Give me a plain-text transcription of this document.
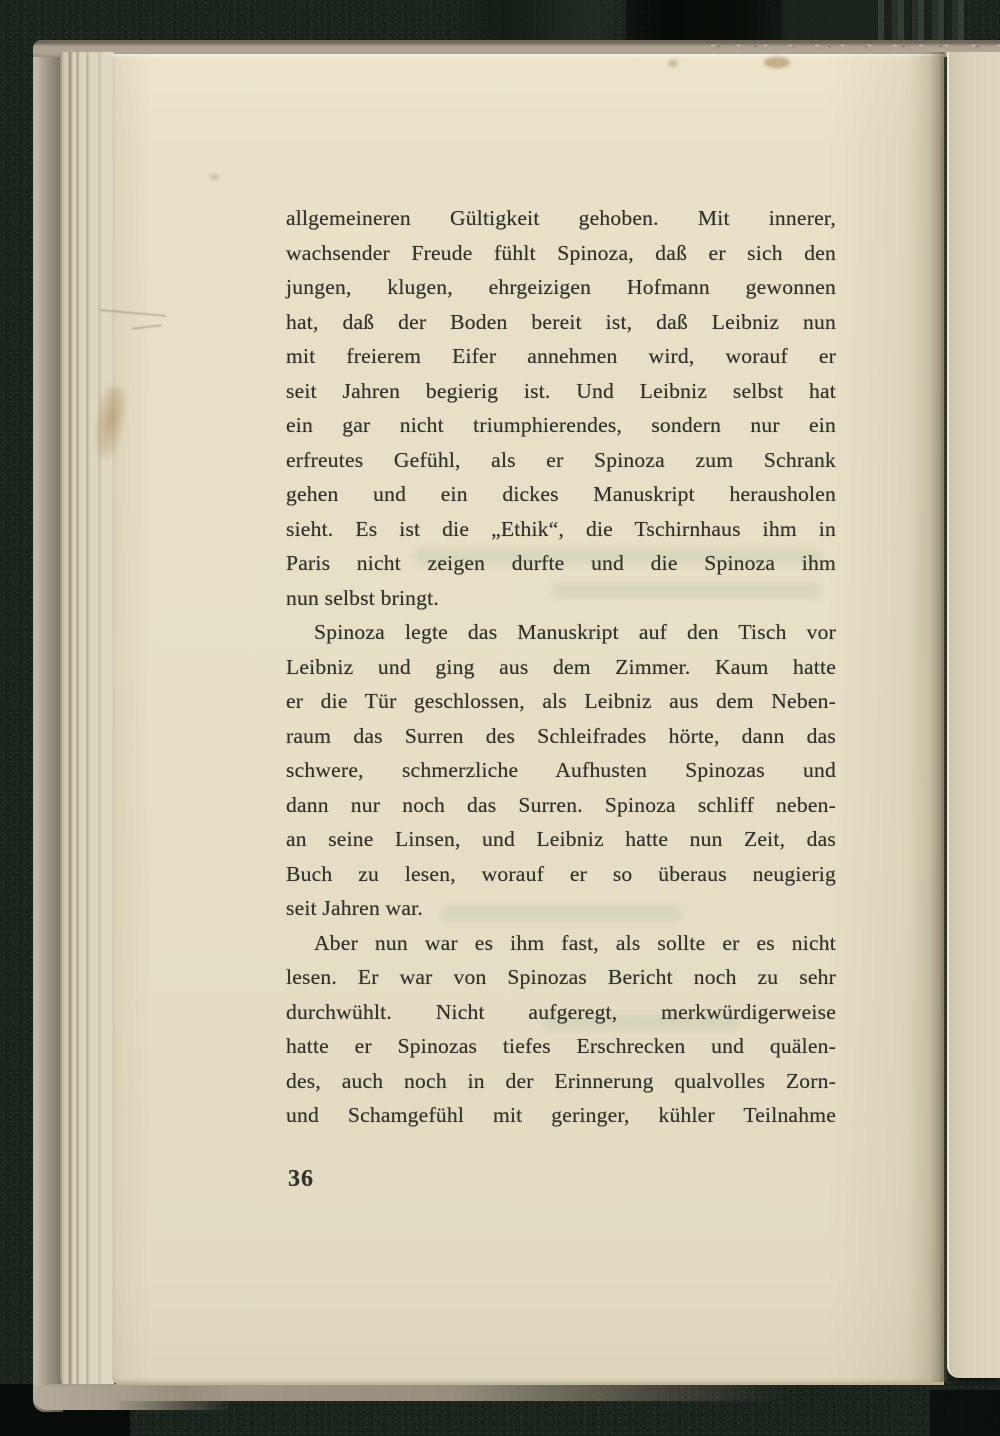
allgemeineren Gültigkeit gehoben. Mit innerer,
wachsender Freude fühlt Spinoza, daß er sich den
jungen, klugen, ehrgeizigen Hofmann gewonnen
hat, daß der Boden bereit ist, daß Leibniz nun
mit freierem Eifer annehmen wird, worauf er
seit Jahren begierig ist. Und Leibniz selbst hat
ein gar nicht triumphierendes, sondern nur ein
erfreutes Gefühl, als er Spinoza zum Schrank
gehen und ein dickes Manuskript herausholen
sieht. Es ist die „Ethik“, die Tschirnhaus ihm in
Paris nicht zeigen durfte und die Spinoza ihm
nun selbst bringt.
Spinoza legte das Manuskript auf den Tisch vor
Leibniz und ging aus dem Zimmer. Kaum hatte
er die Tür geschlossen, als Leibniz aus dem Neben-
raum das Surren des Schleifrades hörte, dann das
schwere, schmerzliche Aufhusten Spinozas und
dann nur noch das Surren. Spinoza schliff neben-
an seine Linsen, und Leibniz hatte nun Zeit, das
Buch zu lesen, worauf er so überaus neugierig
seit Jahren war.
Aber nun war es ihm fast, als sollte er es nicht
lesen. Er war von Spinozas Bericht noch zu sehr
durchwühlt. Nicht aufgeregt, merkwürdigerweise
hatte er Spinozas tiefes Erschrecken und quälen-
des, auch noch in der Erinnerung qualvolles Zorn-
und Schamgefühl mit geringer, kühler Teilnahme
36
